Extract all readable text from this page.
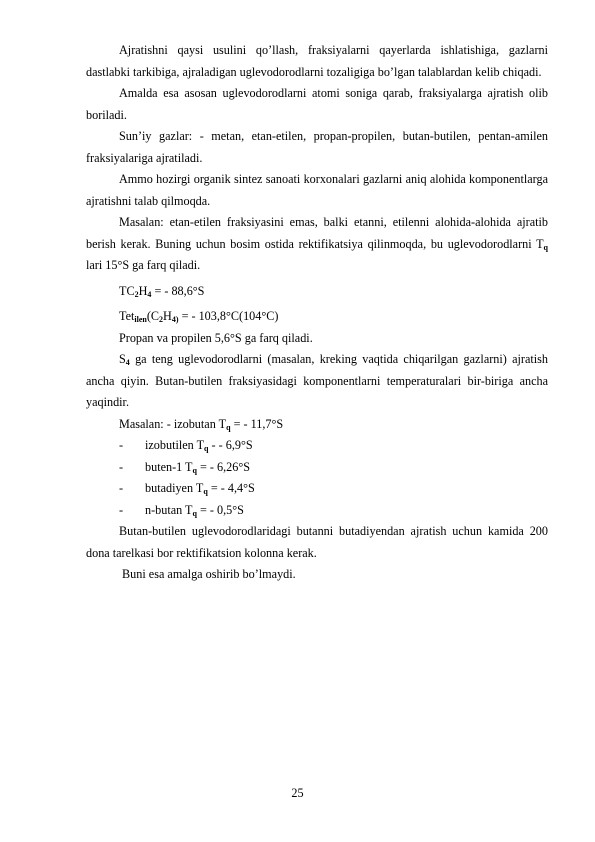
Ajratishni qaysi usulini qo’llash, fraksiyalarni qayerlarda ishlatishiga, gazlarni dastlabki tarkibiga, ajraladigan uglevodorodlarni tozaligiga bo’lgan talablardan kelib chiqadi.

Amalda esa asosan uglevodorodlarni atomi soniga qarab, fraksiyalarga ajratish olib boriladi.

Sun’iy gazlar: - metan, etan-etilen, propan-propilen, butan-butilen, pentan-amilen fraksiyalariga ajratiladi.

Ammo hozirgi organik sintez sanoati korxonalari gazlarni aniq alohida komponentlarga ajratishni talab qilmoqda.

Masalan: etan-etilen fraksiyasini emas, balki etanni, etilenni alohida-alohida ajratib berish kerak. Buning uchun bosim ostida rektifikatsiya qilinmoqda, bu uglevodorodlarni $T_q$ lari 15°S ga farq qiladi.

$TC_2H_4$ = - 88,6°S

$Tet_{ilen}(C_2H_{4)}$ = - 103,8°C(104°C)

Propan va propilen 5,6°S ga farq qiladi.

$S_4$ ga teng uglevodorodlarni (masalan, kreking vaqtida chiqarilgan gazlarni) ajratish ancha qiyin. Butan-butilen fraksiyasidagi komponentlarni temperaturalari bir-biriga ancha yaqindir.

Masalan: - izobutan $T_q$ = - 11,7°S

- izobutilen $T_q$ - - 6,9°S

- buten-1 $T_q$ = - 6,26°S

- butadiyen $T_q$ = - 4,4°S

- n-butan $T_q$ = - 0,5°S

Butan-butilen uglevodorodlaridagi butanni butadiyendan ajratish uchun kamida 200 dona tarelkasi bor rektifikatsion kolonna kerak.

Buni esa amalga oshirib bo’lmaydi.

25
